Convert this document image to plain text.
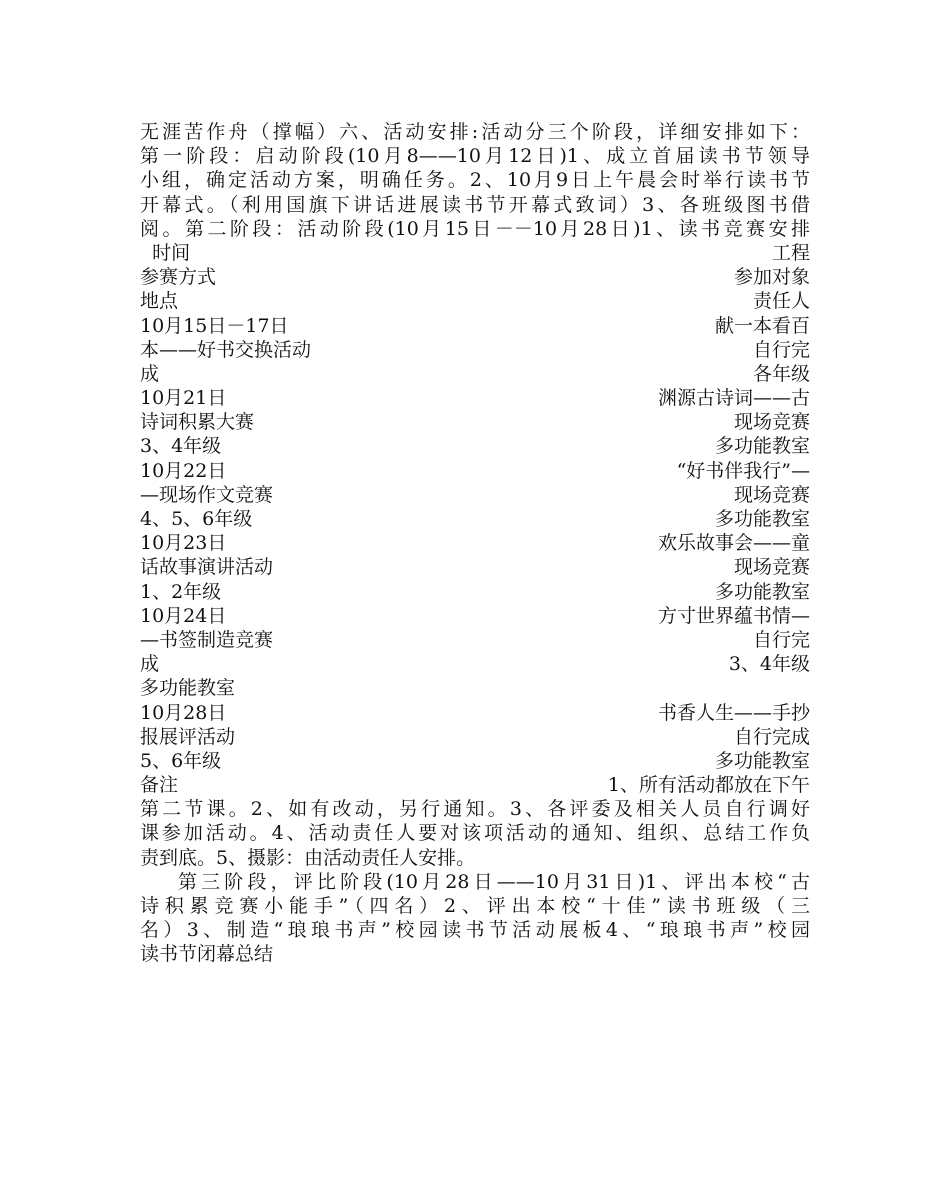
无涯苦作舟（撑幅）六、活动安排:活动分三个阶段，详细安排如下：
第一阶段：启动阶段(10月8——10月12日)1、成立首届读书节领导
小组，确定活动方案，明确任务。2、10月9日上午晨会时举行读书节
开幕式。（利用国旗下讲话进展读书节开幕式致词）3、各班级图书借
阅。第二阶段：活动阶段(10月15日－－10月28日)1、读书竞赛安排
时间	工程
参赛方式	参加对象
地点	责任人
10月15日－17日	献一本看百
本——好书交换活动	自行完
成	各年级
10月21日	渊源古诗词——古
诗词积累大赛	现场竞赛
3、4年级	多功能教室
10月22日	“好书伴我行”—
—现场作文竞赛	现场竞赛
4、5、6年级	多功能教室
10月23日	欢乐故事会——童
话故事演讲活动	现场竞赛
1、2年级	多功能教室
10月24日	方寸世界蕴书情—
—书签制造竞赛	自行完
成	3、4年级
多功能教室
10月28日	书香人生——手抄
报展评活动	自行完成
5、6年级	多功能教室
备注	1、所有活动都放在下午
第二节课。2、如有改动，另行通知。3、各评委及相关人员自行调好
课参加活动。4、活动责任人要对该项活动的通知、组织、总结工作负
责到底。5、摄影：由活动责任人安排。
第三阶段，评比阶段(10月28日——10月31日)1、评出本校“古
诗积累竞赛小能手”（四名）2、评出本校“十佳”读书班级（三
名）3、制造“琅琅书声”校园读书节活动展板4、“琅琅书声”校园
读书节闭幕总结
